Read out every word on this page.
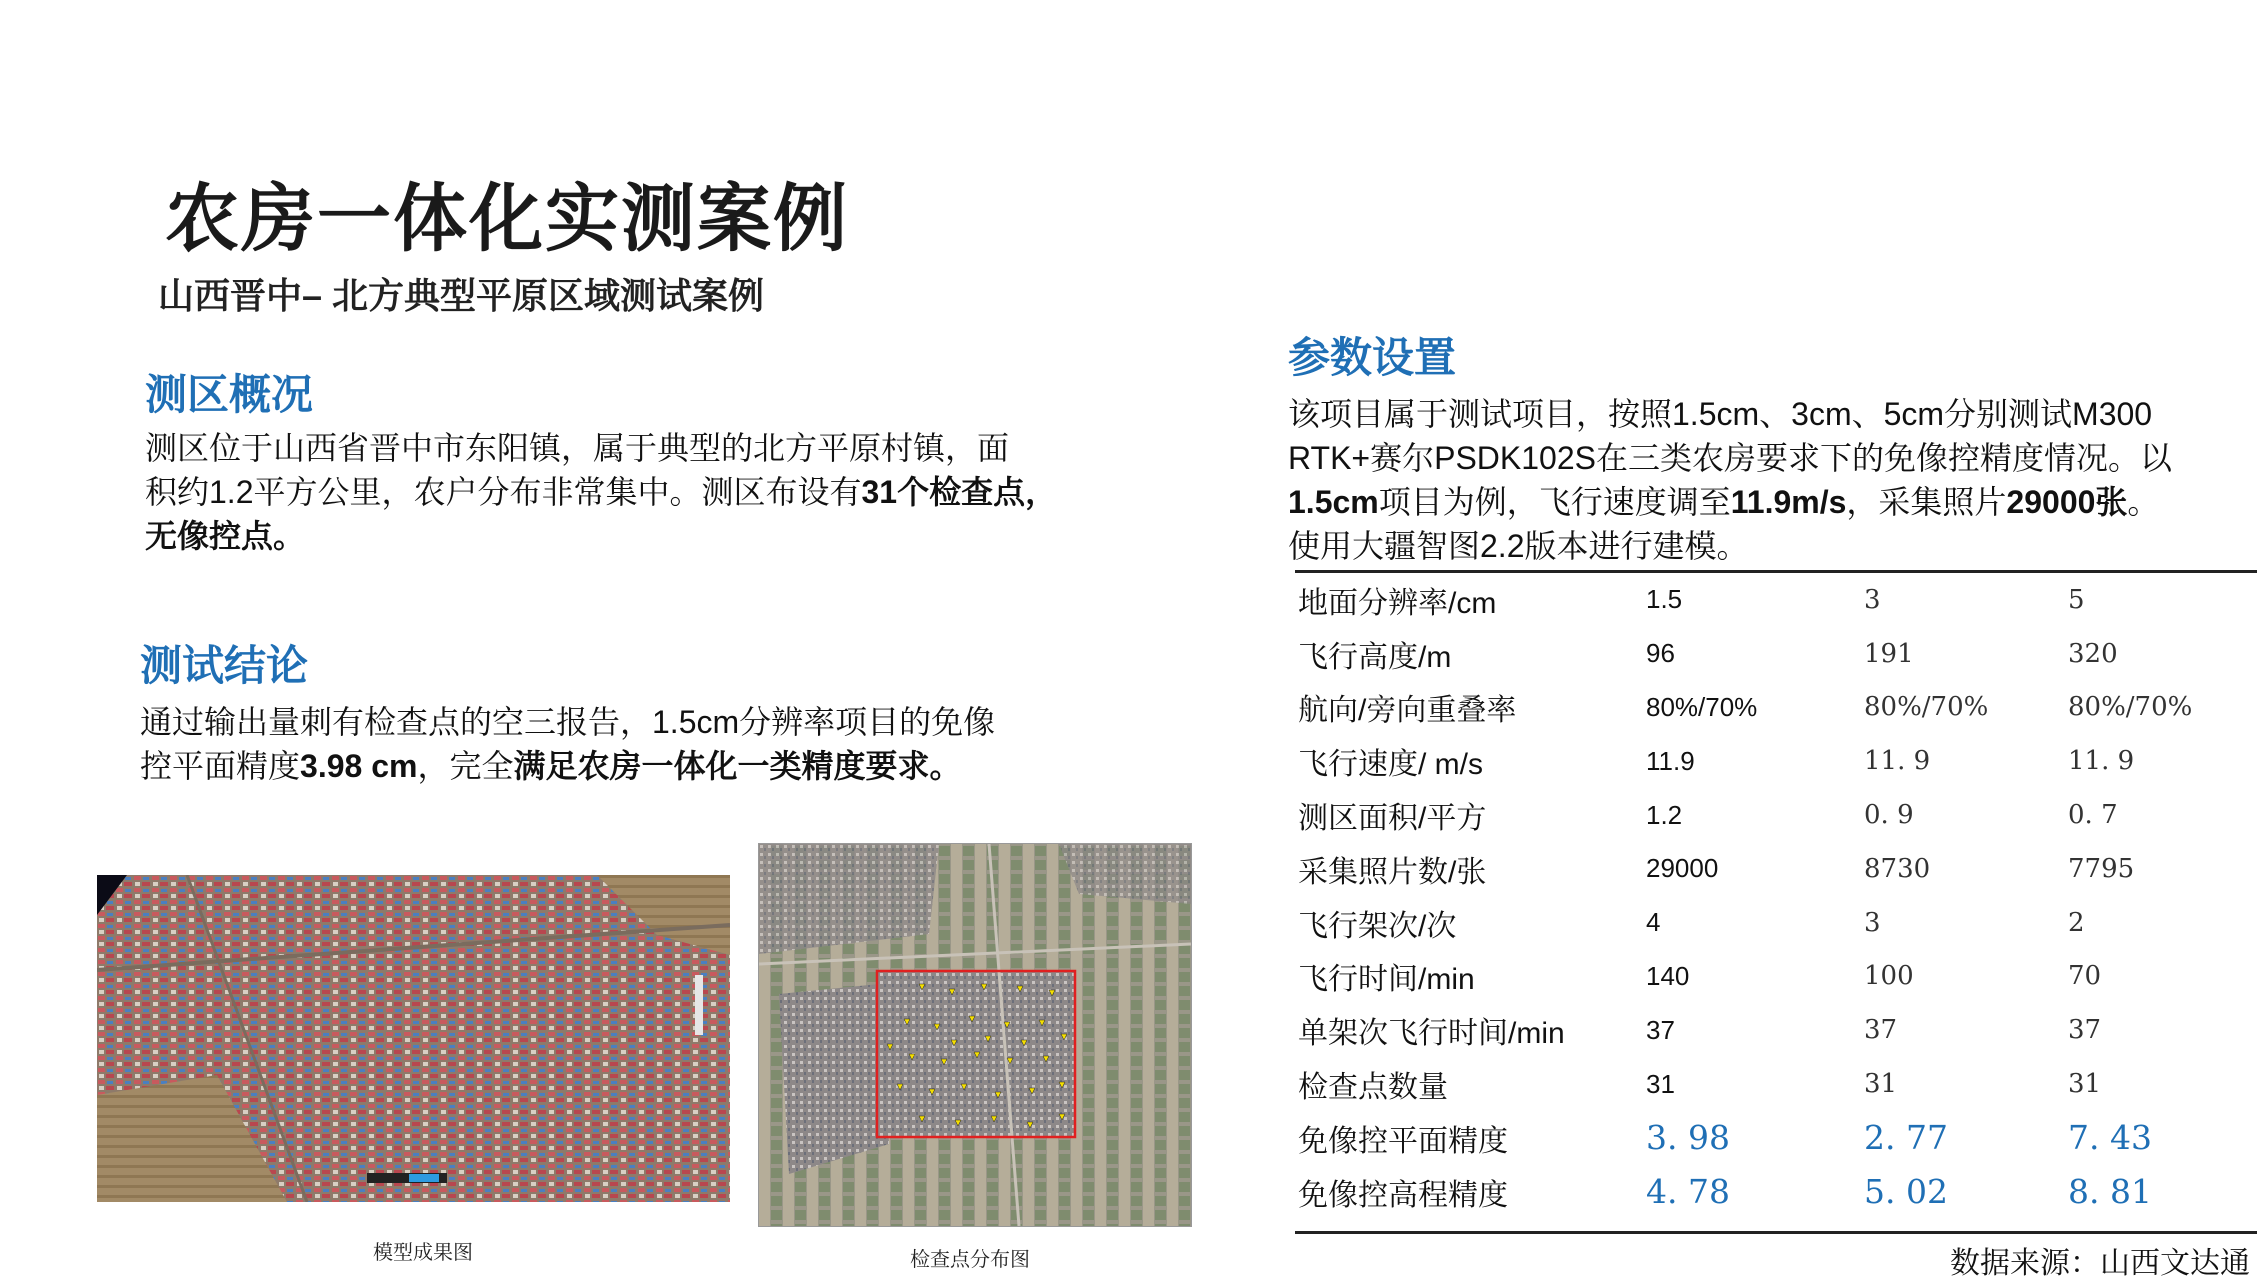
农房一体化实测案例
山西晋中– 北方典型平原区域测试案例
测区概况
测区位于山西省晋中市东阳镇，属于典型的北方平原村镇，面
积约1.2平方公里，农户分布非常集中。测区布设有31个检查点，
无像控点。
测试结论
通过输出量刺有检查点的空三报告，1.5cm分辨率项目的免像
控平面精度3.98 cm，完全满足农房一体化一类精度要求。
参数设置
该项目属于测试项目，按照1.5cm、3cm、5cm分别测试M300
RTK+赛尔PSDK102S在三类农房要求下的免像控精度情况。以
1.5cm项目为例，飞行速度调至11.9m/s，采集照片29000张。
使用大疆智图2.2版本进行建模。
地面分辨率/cm	1.5	3	5
飞行高度/m	96	191	320
航向/旁向重叠率	80%/70%	80%/70%	80%/70%
飞行速度/ m/s	11.9	11. 9	11. 9
测区面积/平方	1.2	0. 9	0. 7
采集照片数/张	29000	8730	7795
飞行架次/次	4	3	2
飞行时间/min	140	100	70
单架次飞行时间/min	37	37	37
检查点数量	31	31	31
免像控平面精度	3. 98	2. 77	7. 43
免像控高程精度	4. 78	5. 02	8. 81
数据来源：山西文达通
模型成果图	检查点分布图
